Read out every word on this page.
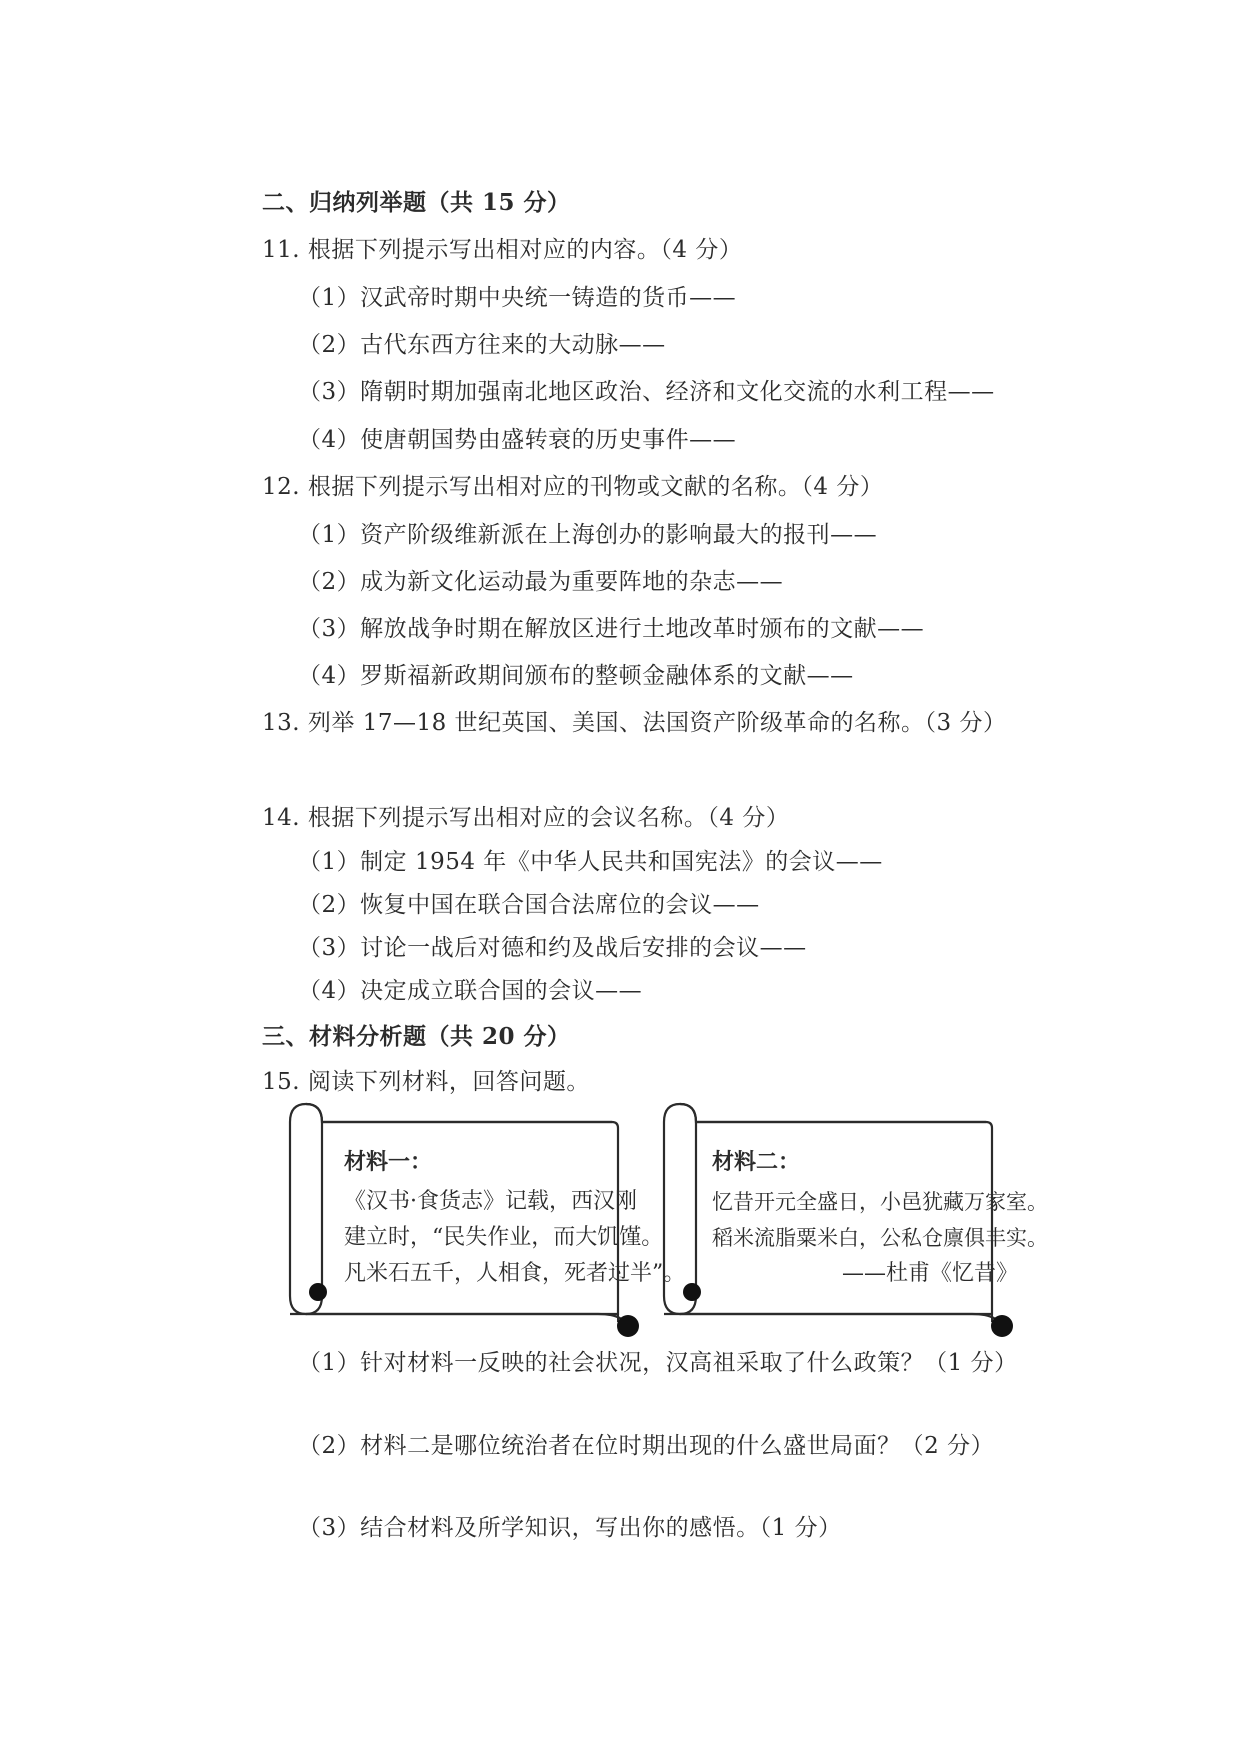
二、归纳列举题（共 15 分）
11. 根据下列提示写出相对应的内容。（4 分）
（1）汉武帝时期中央统一铸造的货币——
（2）古代东西方往来的大动脉——
（3）隋朝时期加强南北地区政治、经济和文化交流的水利工程——
（4）使唐朝国势由盛转衰的历史事件——
12. 根据下列提示写出相对应的刊物或文献的名称。（4 分）
（1）资产阶级维新派在上海创办的影响最大的报刊——
（2）成为新文化运动最为重要阵地的杂志——
（3）解放战争时期在解放区进行土地改革时颁布的文献——
（4）罗斯福新政期间颁布的整顿金融体系的文献——
13. 列举 17—18 世纪英国、美国、法国资产阶级革命的名称。（3 分）
14. 根据下列提示写出相对应的会议名称。（4 分）
（1）制定 1954 年《中华人民共和国宪法》的会议——
（2）恢复中国在联合国合法席位的会议——
（3）讨论一战后对德和约及战后安排的会议——
（4）决定成立联合国的会议——
三、材料分析题（共 20 分）
15. 阅读下列材料，回答问题。
材料一：
《汉书·食货志》记载，西汉刚
建立时，“民失作业，而大饥馑。
凡米石五千，人相食，死者过半”。
材料二：
忆昔开元全盛日，小邑犹藏万家室。
稻米流脂粟米白，公私仓廪俱丰实。
——杜甫《忆昔》
（1）针对材料一反映的社会状况，汉高祖采取了什么政策？（1 分）
（2）材料二是哪位统治者在位时期出现的什么盛世局面？（2 分）
（3）结合材料及所学知识，写出你的感悟。（1 分）
